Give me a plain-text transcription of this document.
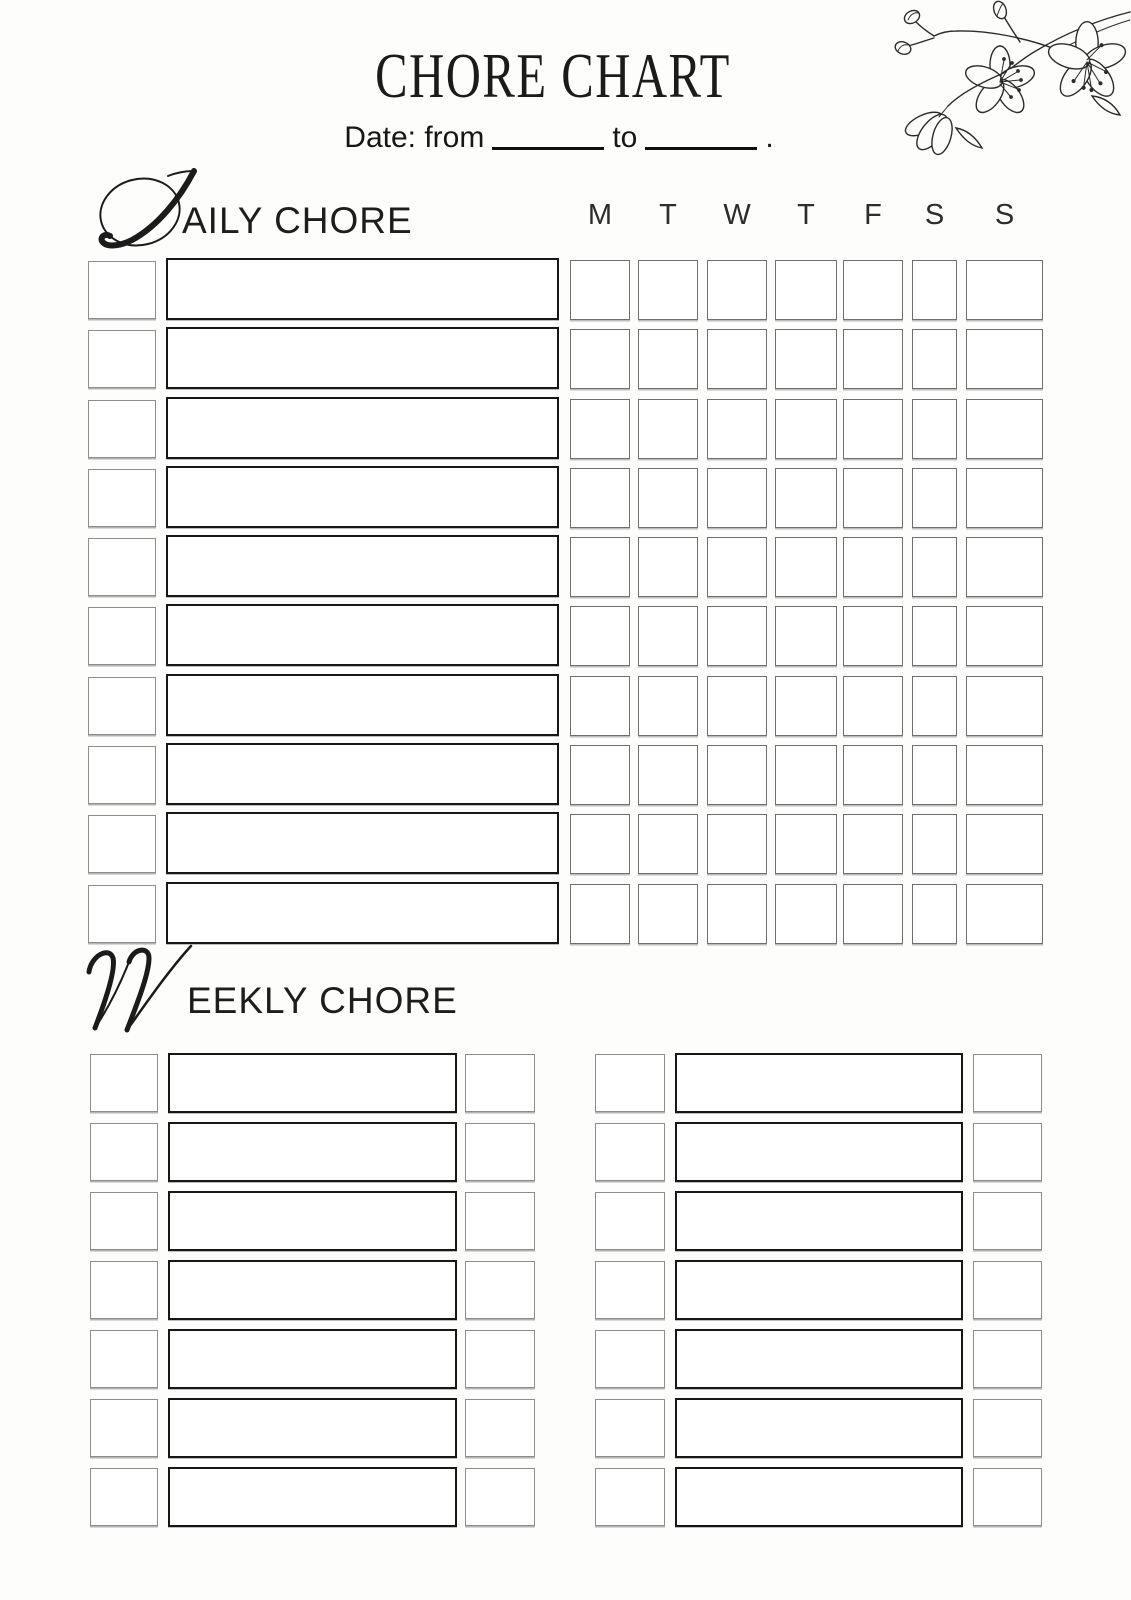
CHORE CHART
Date: from	to	.
AILY CHORE	M	T	W	T	F	S	S
EEKLY CHORE
